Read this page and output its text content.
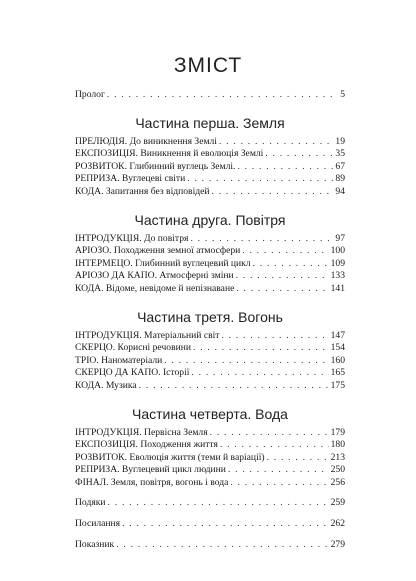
ЗМІСТ
Пролог . . .	5
Частина перша. Земля
ПРЕЛЮДІЯ. До виникнення Землі . . .	19
ЕКСПОЗИЦІЯ. Виникнення й еволюція Землі . . .	35
РОЗВИТОК. Глибинний вуглець Землі. . . .	67
РЕПРИЗА. Вуглецеві світи . . .	89
КОДА. Запитання без відповідей . . .	94
Частина друга. Повітря
ІНТРОДУКЦІЯ. До повітря . . .	97
АРІОЗО. Походження земної атмосфери . . .	100
ІНТЕРМЕЦО. Глибинний вуглецевий цикл . . .	109
АРІОЗО ДА КАПО. Атмосферні зміни . . .	133
КОДА. Відоме, невідоме й непізнаване . . .	141
Частина третя. Вогонь
ІНТРОДУКЦІЯ. Матеріальний світ . . .	147
СКЕРЦО. Корисні речовини . . .	154
ТРІО. Наноматеріали . . .	160
СКЕРЦО ДА КАПО. Історії . . .	165
КОДА. Музика . . .	175
Частина четверта. Вода
ІНТРОДУКЦІЯ. Первісна Земля . . .	179
ЕКСПОЗИЦІЯ. Походження життя . . .	180
РОЗВИТОК. Еволюція життя (теми й варіації) . . .	213
РЕПРИЗА. Вуглецевий цикл людини . . .	250
ФІНАЛ. Земля, повітря, вогонь і вода . . .	256
Подяки . . .	259
Посилання . . .	262
Показник . . .	279
